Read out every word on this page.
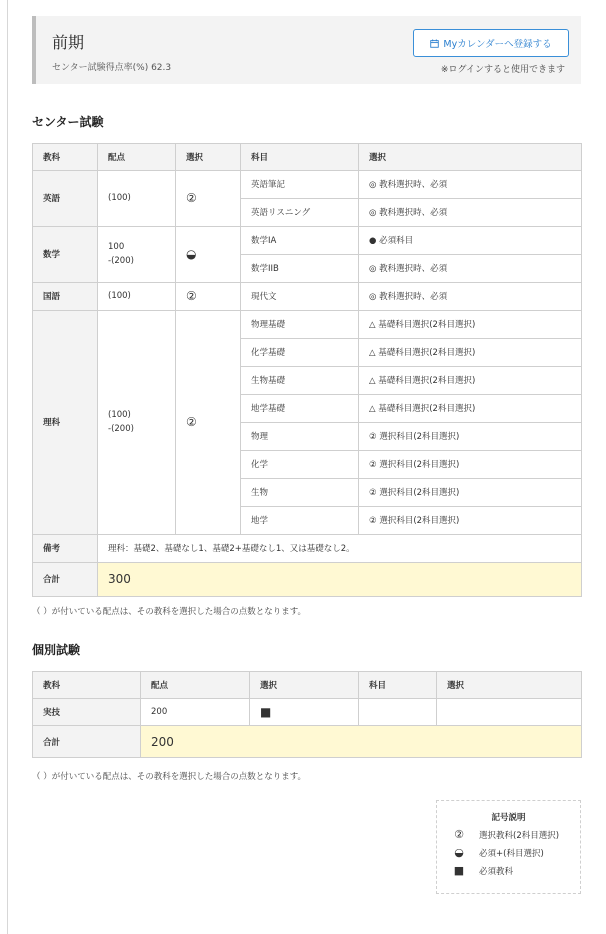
前期
センター試験得点率(%) 62.3
Myカレンダーへ登録する
※ログインすると使用できます
センター試験
教科	配点	選択	科目	選択
英語	(100)	②	英語筆記	◎ 教科選択時、必須
			英語リスニング	◎ 教科選択時、必須
数学	100
-(200)	◒	数学IA	● 必須科目
			数学IIB	◎ 教科選択時、必須
国語	(100)	②	現代文	◎ 教科選択時、必須
理科	(100)
-(200)	②	物理基礎	△ 基礎科目選択(2科目選択)
			化学基礎	△ 基礎科目選択(2科目選択)
			生物基礎	△ 基礎科目選択(2科目選択)
			地学基礎	△ 基礎科目選択(2科目選択)
			物理	② 選択科目(2科目選択)
			化学	② 選択科目(2科目選択)
			生物	② 選択科目(2科目選択)
			地学	② 選択科目(2科目選択)
備考	理科：基礎2、基礎なし1、基礎2+基礎なし1、又は基礎なし2。			
合計	300			
（ ）が付いている配点は、その教科を選択した場合の点数となります。
個別試験
教科	配点	選択	科目	選択
実技	200	■		
合計	200			
（ ）が付いている配点は、その教科を選択した場合の点数となります。
記号説明
②	選択教科(2科目選択)
◒	必須+(科目選択)
■	必須教科
